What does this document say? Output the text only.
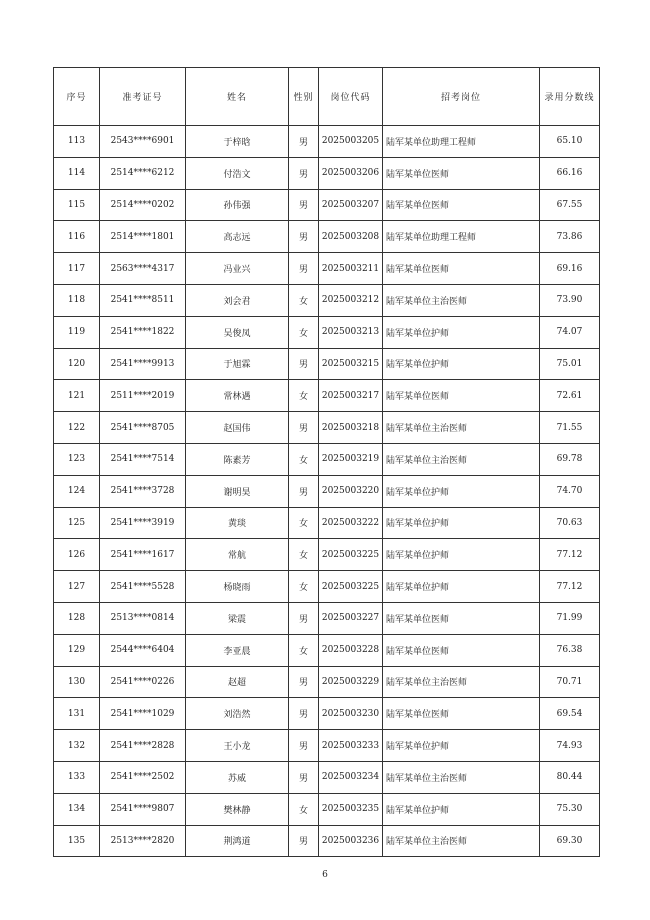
序号	准考证号	姓名	性别	岗位代码	招考岗位	录用分数线
113	2543****6901	于梓晗	男	2025003205	陆军某单位助理工程师	65.10
114	2514****6212	付浩文	男	2025003206	陆军某单位医师	66.16
115	2514****0202	孙伟强	男	2025003207	陆军某单位医师	67.55
116	2514****1801	高志远	男	2025003208	陆军某单位助理工程师	73.86
117	2563****4317	冯业兴	男	2025003211	陆军某单位医师	69.16
118	2541****8511	刘会君	女	2025003212	陆军某单位主治医师	73.90
119	2541****1822	吴俊凤	女	2025003213	陆军某单位护师	74.07
120	2541****9913	于旭霖	男	2025003215	陆军某单位护师	75.01
121	2511****2019	常林遇	女	2025003217	陆军某单位医师	72.61
122	2541****8705	赵国伟	男	2025003218	陆军某单位主治医师	71.55
123	2541****7514	陈素芳	女	2025003219	陆军某单位主治医师	69.78
124	2541****3728	谢明昊	男	2025003220	陆军某单位护师	74.70
125	2541****3919	黄琰	女	2025003222	陆军某单位护师	70.63
126	2541****1617	常航	女	2025003225	陆军某单位护师	77.12
127	2541****5528	杨晓雨	女	2025003225	陆军某单位护师	77.12
128	2513****0814	梁震	男	2025003227	陆军某单位医师	71.99
129	2544****6404	李亚晨	女	2025003228	陆军某单位医师	76.38
130	2541****0226	赵超	男	2025003229	陆军某单位主治医师	70.71
131	2541****1029	刘浩然	男	2025003230	陆军某单位医师	69.54
132	2541****2828	王小龙	男	2025003233	陆军某单位护师	74.93
133	2541****2502	苏威	男	2025003234	陆军某单位主治医师	80.44
134	2541****9807	樊林静	女	2025003235	陆军某单位护师	75.30
135	2513****2820	荆鸿道	男	2025003236	陆军某单位主治医师	69.30
6
